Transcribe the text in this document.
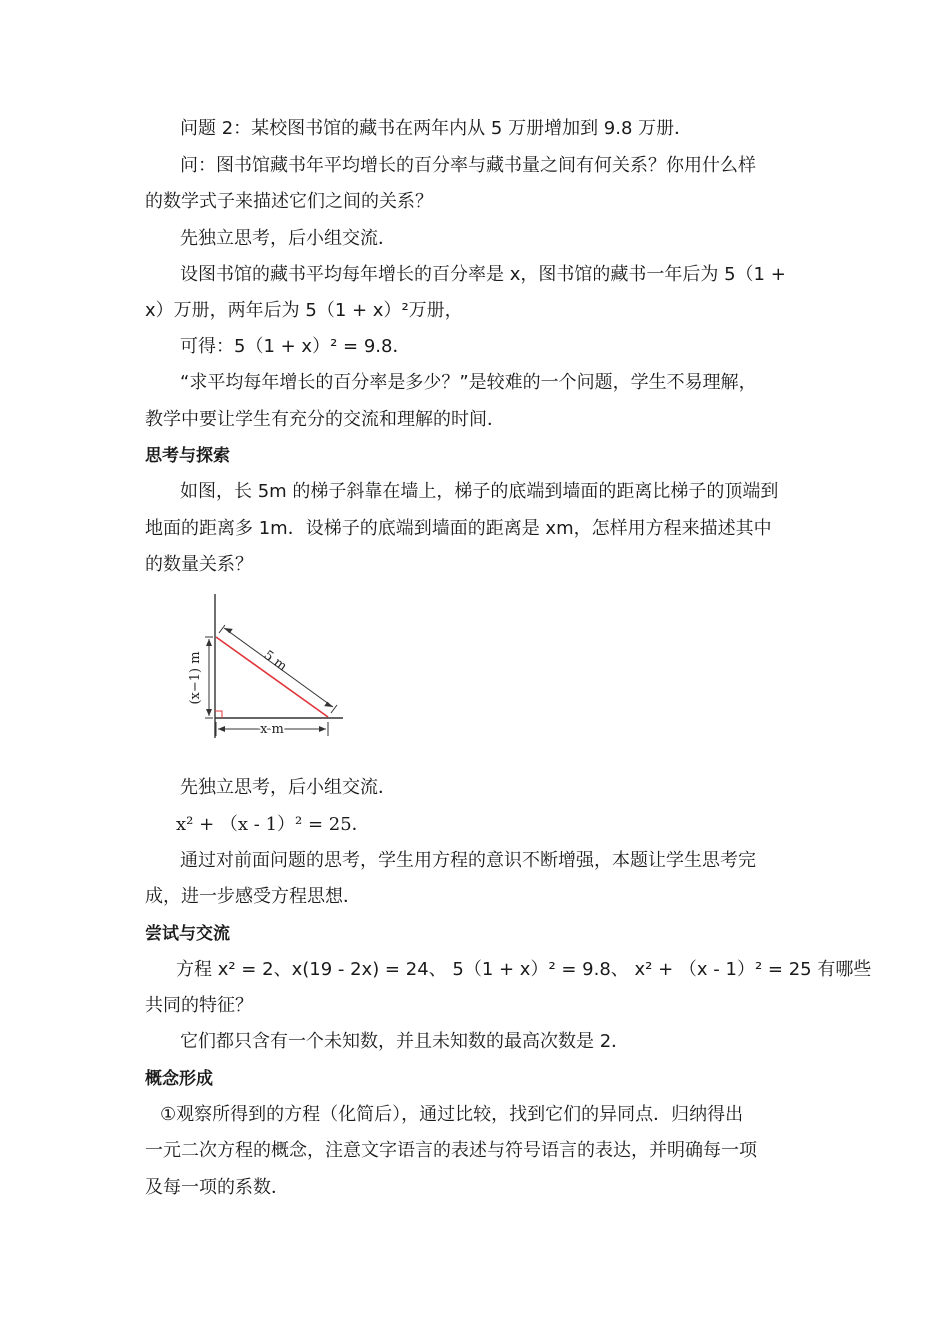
问题 2：某校图书馆的藏书在两年内从 5 万册增加到 9.8 万册．
问：图书馆藏书年平均增长的百分率与藏书量之间有何关系？你用什么样
的数学式子来描述它们之间的关系？
先独立思考，后小组交流．
设图书馆的藏书平均每年增长的百分率是 x，图书馆的藏书一年后为 5（1 +
x）万册，两年后为 5（1 + x）²万册，
可得：5（1 + x）² = 9.8．
“求平均每年增长的百分率是多少？”是较难的一个问题，学生不易理解，
教学中要让学生有充分的交流和理解的时间．
思考与探索
如图，长 5m 的梯子斜靠在墙上，梯子的底端到墙面的距离比梯子的顶端到
地面的距离多 1m．设梯子的底端到墙面的距离是 xm，怎样用方程来描述其中
的数量关系？
5 m
(x−1) m
x m
先独立思考，后小组交流．
x² + （x - 1）² = 25．
通过对前面问题的思考，学生用方程的意识不断增强，本题让学生思考完
成，进一步感受方程思想．
尝试与交流
方程 x² = 2、x(19 - 2x) = 24、 5（1 + x）² = 9.8、 x² + （x - 1）² = 25 有哪些
共同的特征？
它们都只含有一个未知数，并且未知数的最高次数是 2．
概念形成
①观察所得到的方程（化简后），通过比较，找到它们的异同点．归纳得出
一元二次方程的概念，注意文字语言的表述与符号语言的表达，并明确每一项
及每一项的系数．
